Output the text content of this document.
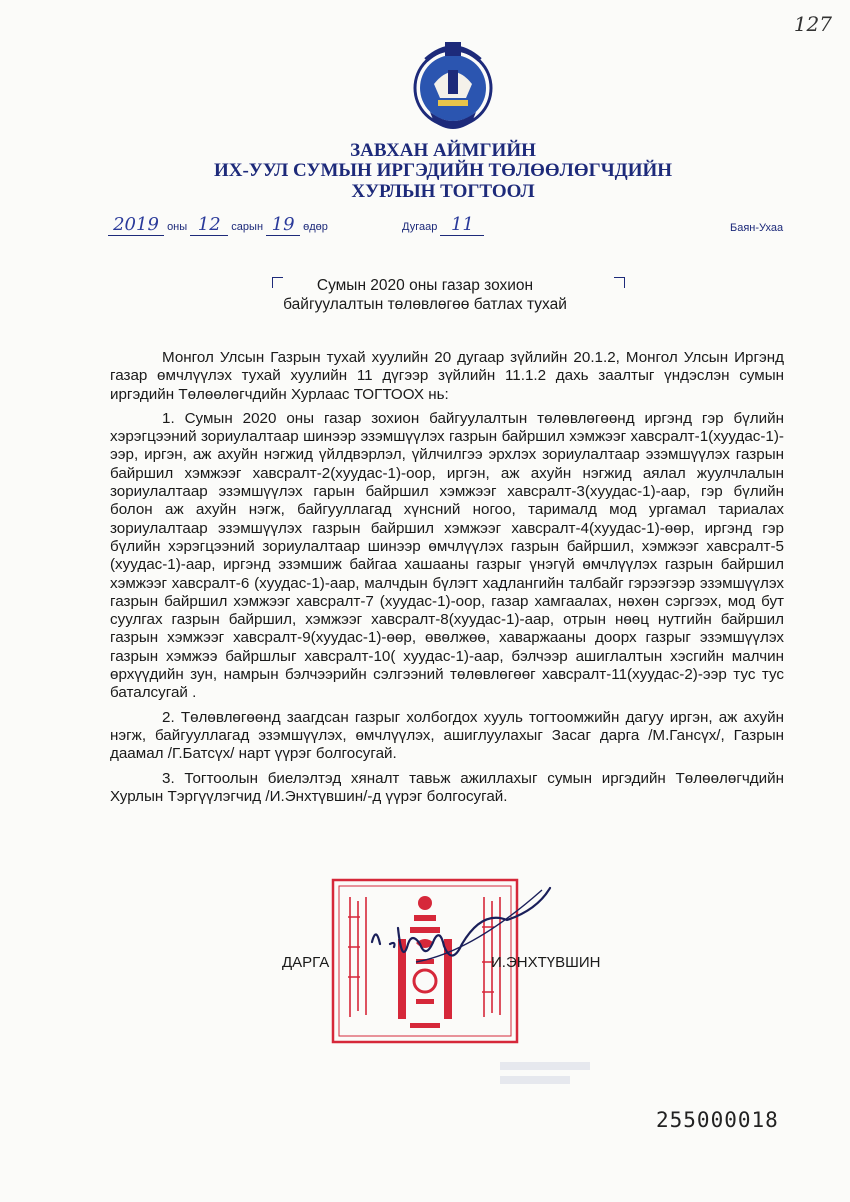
127
ЗАВХАН АЙМГИЙН
ИХ-УУЛ СУМЫН ИРГЭДИЙН ТӨЛӨӨЛӨГЧДИЙН
ХУРЛЫН ТОГТООЛ
2019 оны 12 сарын 19 өдөр	Дугаар 11	Баян-Ухаа
Сумын 2020 оны газар зохион
байгуулалтын төлөвлөгөө батлах тухай

Монгол Улсын Газрын тухай хуулийн 20 дугаар зүйлийн 20.1.2, Монгол Улсын Иргэнд газар өмчлүүлэх тухай хуулийн 11 дүгээр зүйлийн 11.1.2 дахь заалтыг үндэслэн сумын иргэдийн Төлөөлөгчдийн Хурлаас ТОГТООХ нь:

1. Сумын 2020 оны газар зохион байгуулалтын төлөвлөгөөнд иргэнд гэр бүлийн хэрэгцээний зориулалтаар шинээр эзэмшүүлэх газрын байршил хэмжээг хавсралт-1(хуудас-1)-ээр, иргэн, аж ахуйн нэгжид үйлдвэрлэл, үйлчилгээ эрхлэх зориулалтаар эзэмшүүлэх газрын байршил хэмжээг хавсралт-2(хуудас-1)-оор, иргэн, аж ахуйн нэгжид аялал жуулчлалын зориулалтаар эзэмшүүлэх гарын байршил хэмжээг хавсралт-3(хуудас-1)-аар, гэр бүлийн болон аж ахуйн нэгж, байгууллагад хүнсний ногоо, тарималд мод ургамал тариалах зориулалтаар эзэмшүүлэх газрын байршил хэмжээг хавсралт-4(хуудас-1)-өөр, иргэнд гэр бүлийн хэрэгцээний зориулалтаар шинээр өмчлүүлэх газрын байршил, хэмжээг хавсралт-5 (хуудас-1)-аар, иргэнд эзэмшиж байгаа хашааны газрыг үнэгүй өмчлүүлэх газрын байршил хэмжээг хавсралт-6 (хуудас-1)-аар, малчдын бүлэгт хадлангийн талбайг гэрээгээр эзэмшүүлэх газрын байршил хэмжээг хавсралт-7 (хуудас-1)-оор, газар хамгаалах, нөхөн сэргээх, мод бут суулгах газрын байршил, хэмжээг хавсралт-8(хуудас-1)-аар, отрын нөөц нутгийн байршил газрын хэмжээг хавсралт-9(хуудас-1)-өөр, өвөлжөө, хаваржааны доорх газрыг эзэмшүүлэх газрын хэмжээ байршлыг хавсралт-10( хуудас-1)-аар, бэлчээр ашиглалтын хэсгийн малчин өрхүүдийн зун, намрын бэлчээрийн сэлгээний төлөвлөгөөг хавсралт-11(хуудас-2)-ээр тус тус баталсугай .

2. Төлөвлөгөөнд заагдсан газрыг холбогдох хууль тогтоомжийн дагуу иргэн, аж ахуйн нэгж, байгууллагад эзэмшүүлэх, өмчлүүлэх, ашиглуулахыг Засаг дарга /М.Гансүх/, Газрын даамал /Г.Батсүх/ нарт үүрэг болгосугай.

3. Тогтоолын биелэлтэд хяналт тавьж ажиллахыг сумын иргэдийн Төлөөлөгчдийн Хурлын Тэргүүлэгчид /И.Энхтүвшин/-д үүрэг болгосугай.

ДАРГА	И.ЭНХТҮВШИН
255000018
